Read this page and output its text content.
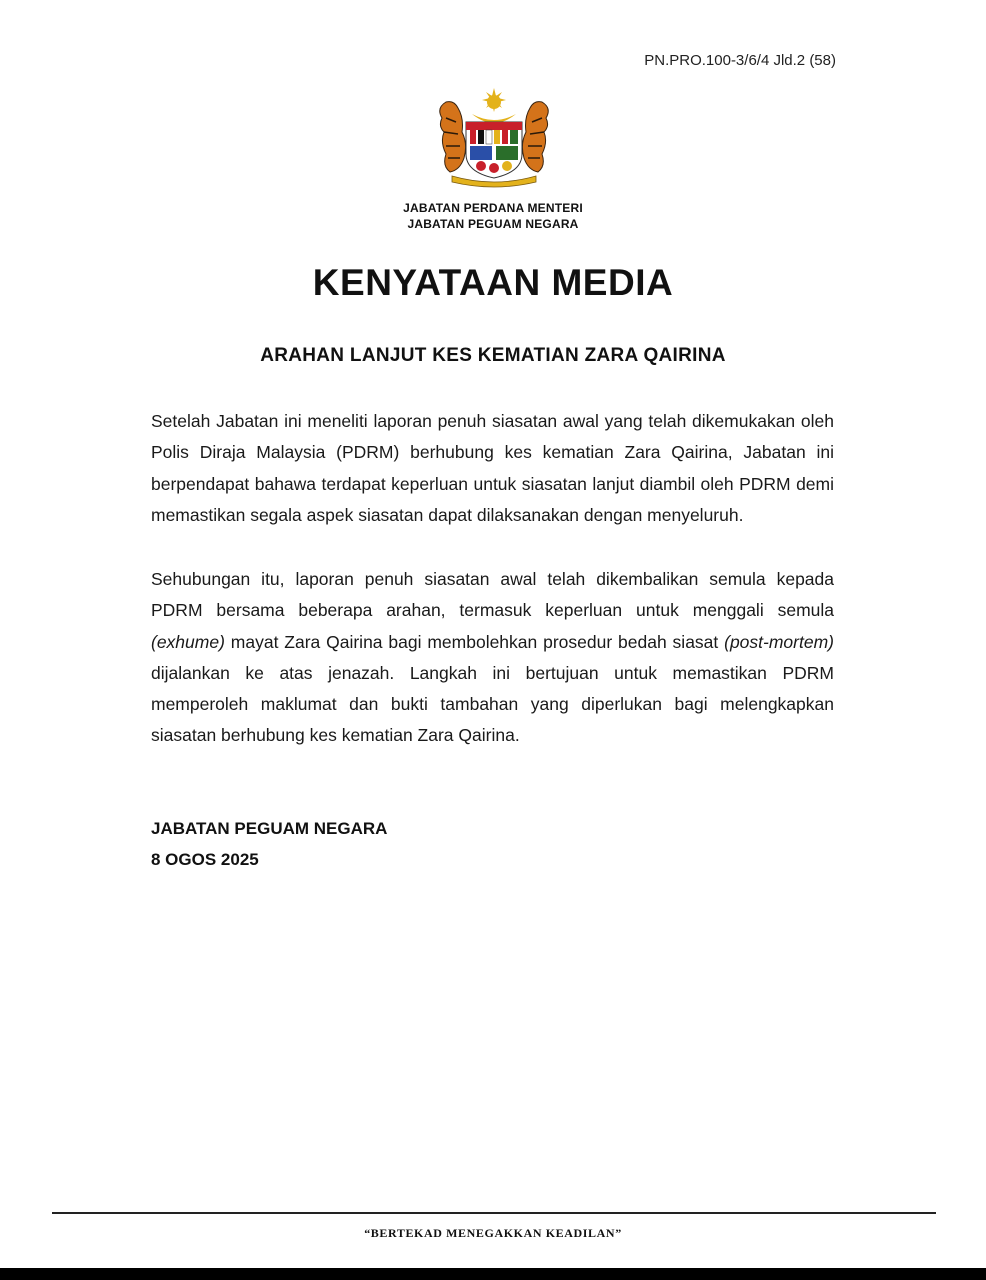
PN.PRO.100-3/6/4 Jld.2 (58)
JABATAN PERDANA MENTERI
JABATAN PEGUAM NEGARA
KENYATAAN MEDIA
ARAHAN LANJUT KES KEMATIAN ZARA QAIRINA
Setelah Jabatan ini meneliti laporan penuh siasatan awal yang telah dikemukakan oleh Polis Diraja Malaysia (PDRM) berhubung kes kematian Zara Qairina, Jabatan ini berpendapat bahawa terdapat keperluan untuk siasatan lanjut diambil oleh PDRM demi memastikan segala aspek siasatan dapat dilaksanakan dengan menyeluruh.
Sehubungan itu, laporan penuh siasatan awal telah dikembalikan semula kepada PDRM bersama beberapa arahan, termasuk keperluan untuk menggali semula (exhume) mayat Zara Qairina bagi membolehkan prosedur bedah siasat (post-mortem) dijalankan ke atas jenazah. Langkah ini bertujuan untuk memastikan PDRM memperoleh maklumat dan bukti tambahan yang diperlukan bagi melengkapkan siasatan berhubung kes kematian Zara Qairina.
JABATAN PEGUAM NEGARA
8 OGOS 2025
“BERTEKAD MENEGAKKAN KEADILAN”
